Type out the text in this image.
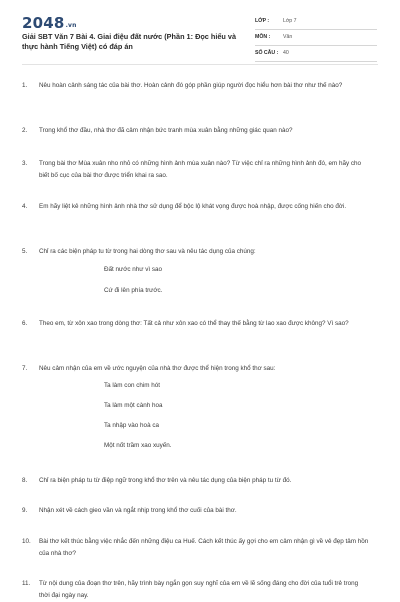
2048.vn
Giải SBT Văn 7 Bài 4. Giai điệu đất nước (Phần 1: Đọc hiểu và thực hành Tiếng Việt) có đáp án
LỚP :	Lớp 7
MÔN : Văn
SỐ CÂU : 40
1. Nêu hoàn cảnh sáng tác của bài thơ. Hoàn cảnh đó góp phần giúp người đọc hiểu hơn bài thơ như thế nào?
2. Trong khổ thơ đầu, nhà thơ đã cảm nhận bức tranh mùa xuân bằng những giác quan nào?
3. Trong bài thơ Mùa xuân nho nhỏ có những hình ảnh mùa xuân nào? Từ việc chỉ ra những hình ảnh đó, em hãy cho biết bố cục của bài thơ được triển khai ra sao.
4. Em hãy liệt kê những hình ảnh nhà thơ sử dụng để bộc lộ khát vọng được hoà nhập, được cống hiến cho đời.
5. Chỉ ra các biện pháp tu từ trong hai dòng thơ sau và nêu tác dụng của chúng:
Đất nước như vì sao
Cứ đi lên phía trước.
6. Theo em, từ xôn xao trong dòng thơ: Tất cả như xôn xao có thể thay thế bằng từ lao xao được không? Vì sao?
7. Nêu cảm nhận của em về ước nguyện của nhà thơ được thể hiện trong khổ thơ sau:
Ta làm con chim hót
Ta làm một cành hoa
Ta nhập vào hoà ca
Một nốt trầm xao xuyến.
8. Chỉ ra biện pháp tu từ điệp ngữ trong khổ thơ trên và nêu tác dụng của biện pháp tu từ đó.
9. Nhận xét về cách gieo vần và ngắt nhịp trong khổ thơ cuối của bài thơ.
10. Bài thơ kết thúc bằng việc nhắc đến những điệu ca Huế. Cách kết thúc ấy gợi cho em cảm nhận gì về vẻ đẹp tâm hồn của nhà thơ?
11. Từ nội dung của đoạn thơ trên, hãy trình bày ngắn gọn suy nghĩ của em về lẽ sống đáng cho đời của tuổi trẻ trong thời đại ngày nay.
